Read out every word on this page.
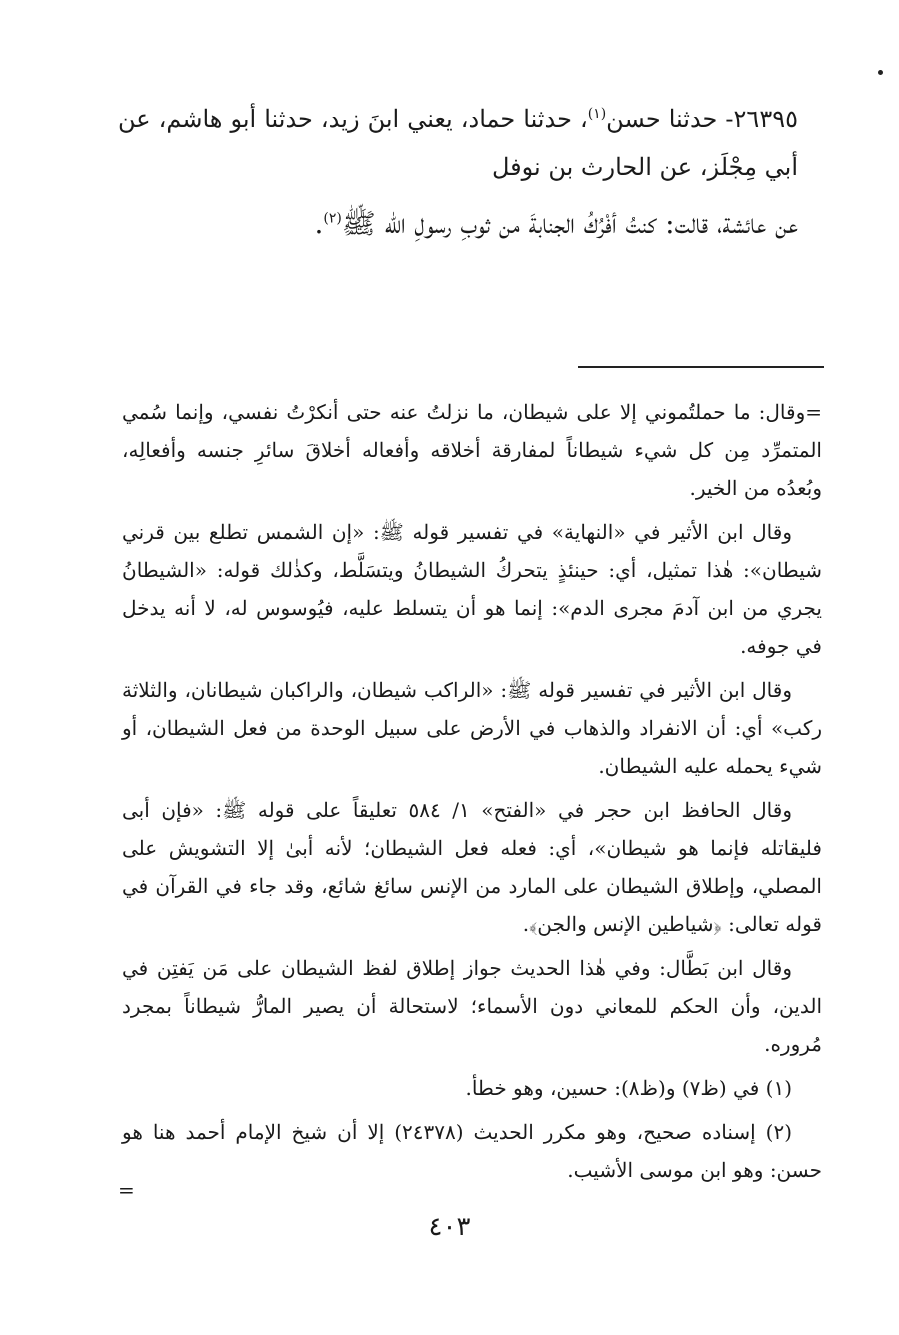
٢٦٣٩٥- حدثنا حسن$^{(١)}$، حدثنا حماد، يعني ابنَ زيد، حدثنا أبو هاشم، عن أبي مِجْلَز، عن الحارث بن نوفل

عن عائشة، قالت: كنتُ أفْرُكُ الجنابةَ من ثوبِ رسولِ الله ﷺ$^{(٢)}$.

=وقال: ما حملتُموني إلا على شيطان، ما نزلتُ عنه حتى أنكرْتُ نفسي، وإنما سُمي المتمرِّد مِن كل شيء شيطاناً لمفارقة أخلاقه وأفعاله أخلاقَ سائرِ جنسه وأفعالِه، وبُعدُه من الخير.

وقال ابن الأثير في «النهاية» في تفسير قوله ﷺ: «إن الشمس تطلع بين قرني شيطان»: هٰذا تمثيل، أي: حينئذٍ يتحركُ الشيطانُ ويتسَلَّط، وكذٰلك قوله: «الشيطانُ يجري من ابن آدمَ مجرى الدم»: إنما هو أن يتسلط عليه، فيُوسوس له، لا أنه يدخل في جوفه.

وقال ابن الأثير في تفسير قوله ﷺ: «الراكب شيطان، والراكبان شيطانان، والثلاثة ركب» أي: أن الانفراد والذهاب في الأرض على سبيل الوحدة من فعل الشيطان، أو شيء يحمله عليه الشيطان.

وقال الحافظ ابن حجر في «الفتح» ١/ ٥٨٤ تعليقاً على قوله ﷺ: «فإن أبى فليقاتله فإنما هو شيطان»، أي: فعله فعل الشيطان؛ لأنه أبىٰ إلا التشويش على المصلي، وإطلاق الشيطان على المارد من الإنس سائغ شائع، وقد جاء في القرآن في قوله تعالى: ﴿شياطين الإنس والجن﴾.

وقال ابن بَطَّال: وفي هٰذا الحديث جواز إطلاق لفظ الشيطان على مَن يَفتِن في الدين، وأن الحكم للمعاني دون الأسماء؛ لاستحالة أن يصير المارُّ شيطاناً بمجرد مُروره.

(١) في (ظ٧) و(ظ٨): حسين، وهو خطأ.

(٢) إسناده صحيح، وهو مكرر الحديث (٢٤٣٧٨) إلا أن شيخ الإمام أحمد هنا هو حسن: وهو ابن موسى الأشيب.

=
٤٠٣
